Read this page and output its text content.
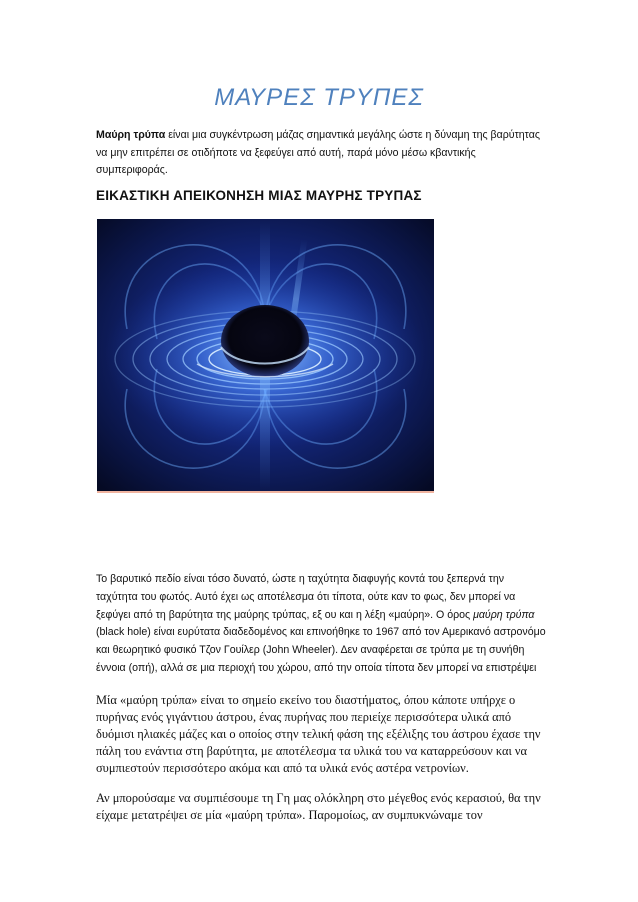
ΜΑΥΡΕΣ ΤΡΥΠΕΣ
Μαύρη τρύπα είναι μια συγκέντρωση μάζας σημαντικά μεγάλης ώστε η δύναμη της βαρύτητας να μην επιτρέπει σε οτιδήποτε να ξεφεύγει από αυτή, παρά μόνο μέσω κβαντικής συμπεριφοράς.
ΕΙΚΑΣΤΙΚΗ ΑΠΕΙΚΟΝΗΣΗ ΜΙΑΣ ΜΑΥΡΗΣ ΤΡΥΠΑΣ
Το βαρυτικό πεδίο είναι τόσο δυνατό, ώστε η ταχύτητα διαφυγής κοντά του ξεπερνά την ταχύτητα του φωτός. Αυτό έχει ως αποτέλεσμα ότι τίποτα, ούτε καν το φως, δεν μπορεί να ξεφύγει από τη βαρύτητα της μαύρης τρύπας, εξ ου και η λέξη «μαύρη». Ο όρος μαύρη τρύπα (black hole) είναι ευρύτατα διαδεδομένος και επινοήθηκε το 1967 από τον Αμερικανό αστρονόμο και θεωρητικό φυσικό Τζον Γουίλερ (John Wheeler). Δεν αναφέρεται σε τρύπα με τη συνήθη έννοια (οπή), αλλά σε μια περιοχή του χώρου, από την οποία τίποτα δεν μπορεί να επιστρέψει
Μία «μαύρη τρύπα» είναι το σημείο εκείνο του διαστήματος, όπου κάποτε υπήρχε ο πυρήνας ενός γιγάντιου άστρου, ένας πυρήνας που περιείχε περισσότερα υλικά από δυόμισι ηλιακές μάζες και ο οποίος στην τελική φάση της εξέλιξης του άστρου έχασε την πάλη του ενάντια στη βαρύτητα, με αποτέλεσμα τα υλικά του να καταρρεύσουν και να συμπιεστούν περισσότερο ακόμα και από τα υλικά ενός αστέρα νετρονίων.
Αν μπορούσαμε να συμπιέσουμε τη Γη μας ολόκληρη στο μέγεθος ενός κερασιού, θα την είχαμε μετατρέψει σε μία «μαύρη τρύπα». Παρομοίως, αν συμπυκνώναμε τον
